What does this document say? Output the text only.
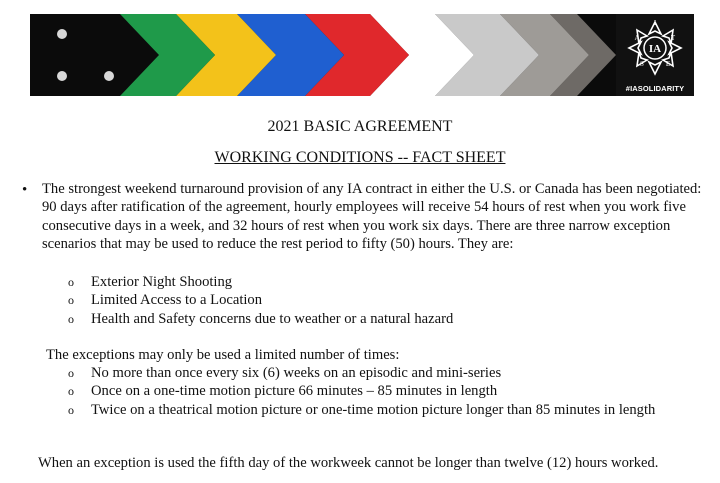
I
A	T
S	E
IA
#IASOLIDARITY
2021 BASIC AGREEMENT
WORKING CONDITIONS -- FACT SHEET
• The strongest weekend turnaround provision of any IA contract in either the U.S. or Canada has been negotiated: 90 days after ratification of the agreement, hourly employees will receive 54 hours of rest when you work five consecutive days in a week, and 32 hours of rest when you work six days. There are three narrow exception scenarios that may be used to reduce the rest period to fifty (50) hours. They are:
o Exterior Night Shooting
o Limited Access to a Location
o Health and Safety concerns due to weather or a natural hazard
The exceptions may only be used a limited number of times:
o No more than once every six (6) weeks on an episodic and mini-series
o Once on a one-time motion picture 66 minutes – 85 minutes in length
o Twice on a theatrical motion picture or one-time motion picture longer than 85 minutes in length
When an exception is used the fifth day of the workweek cannot be longer than twelve (12) hours worked.
